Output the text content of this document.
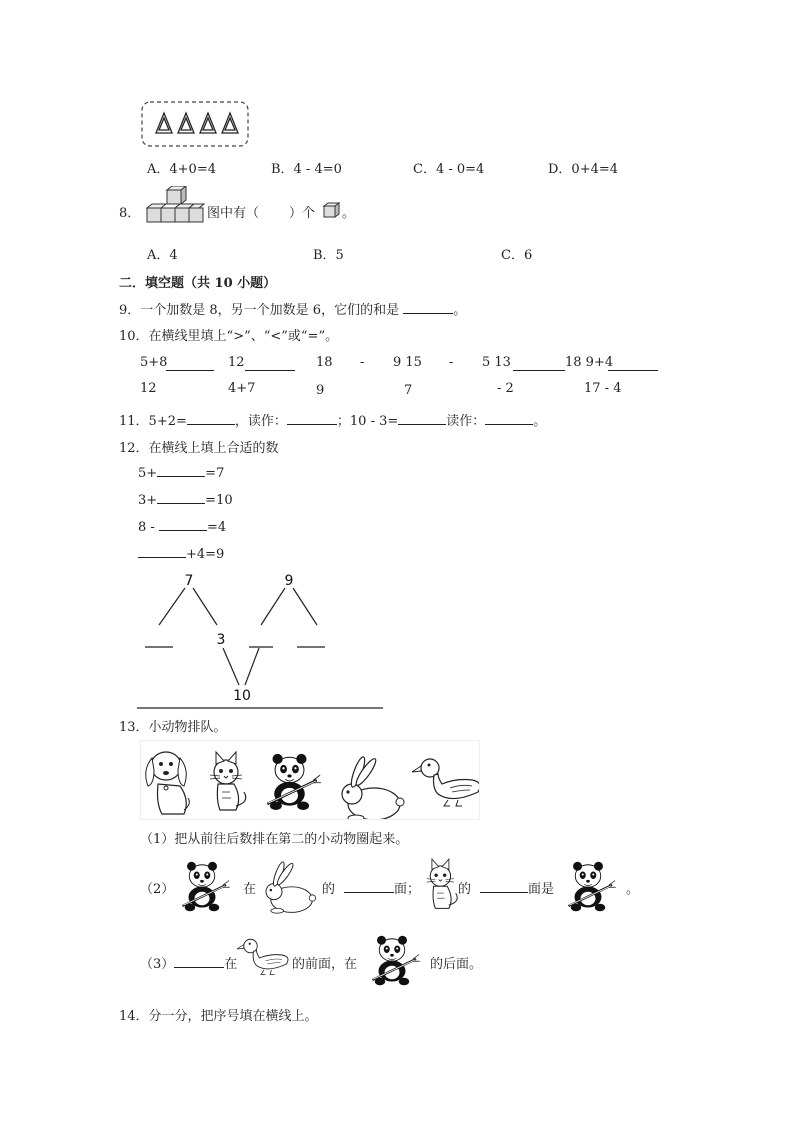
A．4+0=4	B．4 - 4=0	C．4 - 0=4	D．0+4=4
8．	图中有（ ）个 。
A．4	B．5	C．6
二．填空题（共 10 小题）
9．一个加数是 8，另一个加数是 6，它们的和是	。
10．在横线里填上“>”、“<”或“=”。
5+8	12	18 - 9 15 - 5 13	18 9+4
12	4+7	9	7	- 2	17 - 4
11．5+2=	，读作：	；10 - 3=	读作：	。
12．在横线上填上合适的数
5+	=7
3+	=10
8 -	=4
+4=9
7	9
3
10
13．小动物排队。
（1）把从前往后数排在第二的小动物圈起来。
（2）	在	的	面；	的	面是	。
（3）	在	的前面，在	的后面。
14．分一分，把序号填在横线上。
